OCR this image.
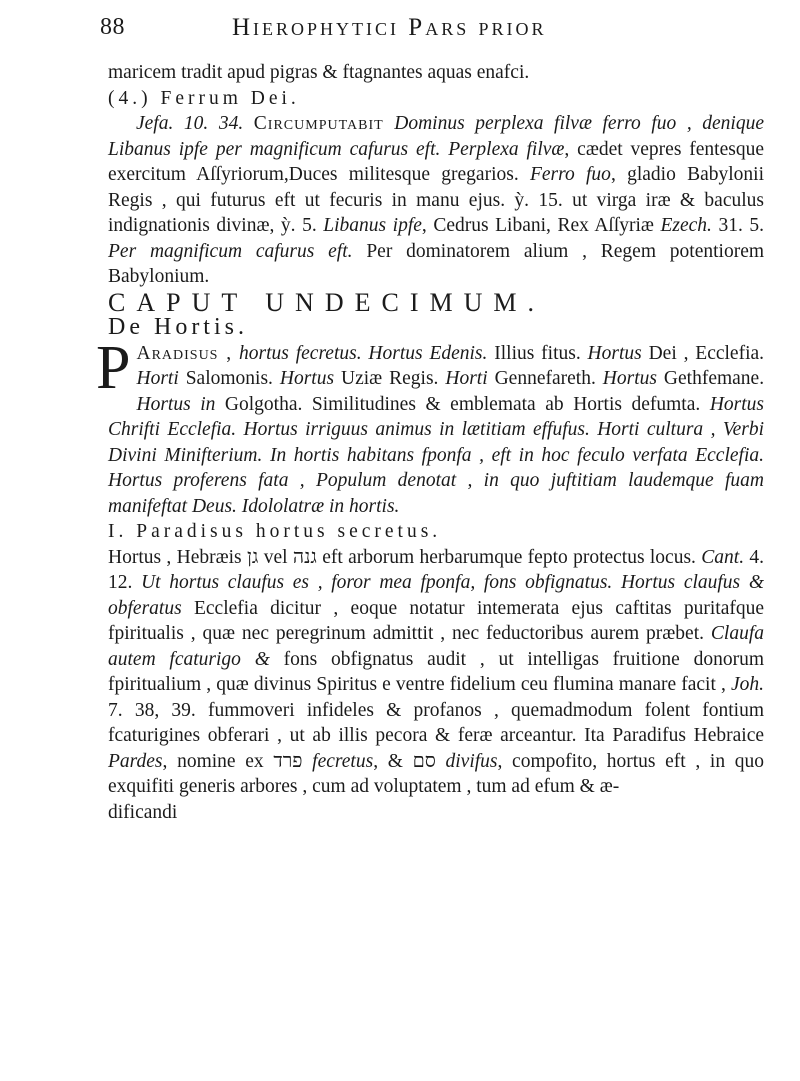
88	Hierophytici Pars prior

maricem tradit apud pigras & ftagnantes aquas enafci.

(4.) Ferrum Dei.

Jefa. 10. 34. Circumputabit Dominus perplexa filvæ ferro fuo , denique Libanus ipfe per magnificum cafurus eft. Perplexa filvæ, cædet vepres fentesque exercitum Aſſyriorum,Duces militesque gregarios. Ferro fuo, gladio Babylonii Regis , qui futurus eft ut fecuris in manu ejus. ỳ. 15. ut virga iræ & baculus indignationis divinæ, ỳ. 5. Libanus ipfe, Cedrus Libani, Rex Aſſyriæ Ezech. 31. 5. Per magnificum cafurus eft. Per dominatorem alium , Regem potentiorem Babylonium.

CAPUT UNDECIMUM.

De Hortis.

P Aradisus , hortus fecretus. Hortus Edenis. Illius fitus. Hortus Dei , Ecclefia. Horti Salomonis. Hortus Uziæ Regis. Horti Gennefareth. Hortus Gethfemane. Hortus in Golgotha. Similitudines & emblemata ab Hortis defumta. Hortus Chrifti Ecclefia. Hortus irriguus animus in lætitiam effufus. Horti cultura , Verbi Divini Minifterium. In hortis habitans fponfa , eft in hoc feculo verfata Ecclefia. Hortus proferens fata , Populum denotat , in quo juftitiam laudemque fuam manifeftat Deus. Idololatræ in hortis.

I. Paradisus hortus secretus.

Hortus , Hebræis גן vel גנה eft arborum herbarumque fepto protectus locus. Cant. 4. 12. Ut hortus claufus es , foror mea fponfa, fons obfignatus. Hortus claufus & obferatus Ecclefia dicitur , eoque notatur intemerata ejus caftitas puritafque fpiritualis , quæ nec peregrinum admittit , nec feductoribus aurem præbet. Claufa autem fcaturigo & fons obfignatus audit , ut intelligas fruitione donorum fpiritualium , quæ divinus Spiritus e ventre fidelium ceu flumina manare facit , Joh. 7. 38, 39. fummoveri infideles & profanos , quemadmodum folent fontium fcaturigines obferari , ut ab illis pecora & feræ arceantur. Ita Paradifus Hebraice Pardes, nomine ex פרד fecretus, & סם divifus, compofito, hortus eft , in quo exquifiti generis arbores , cum ad voluptatem , tum ad efum & æ-

dificandi
